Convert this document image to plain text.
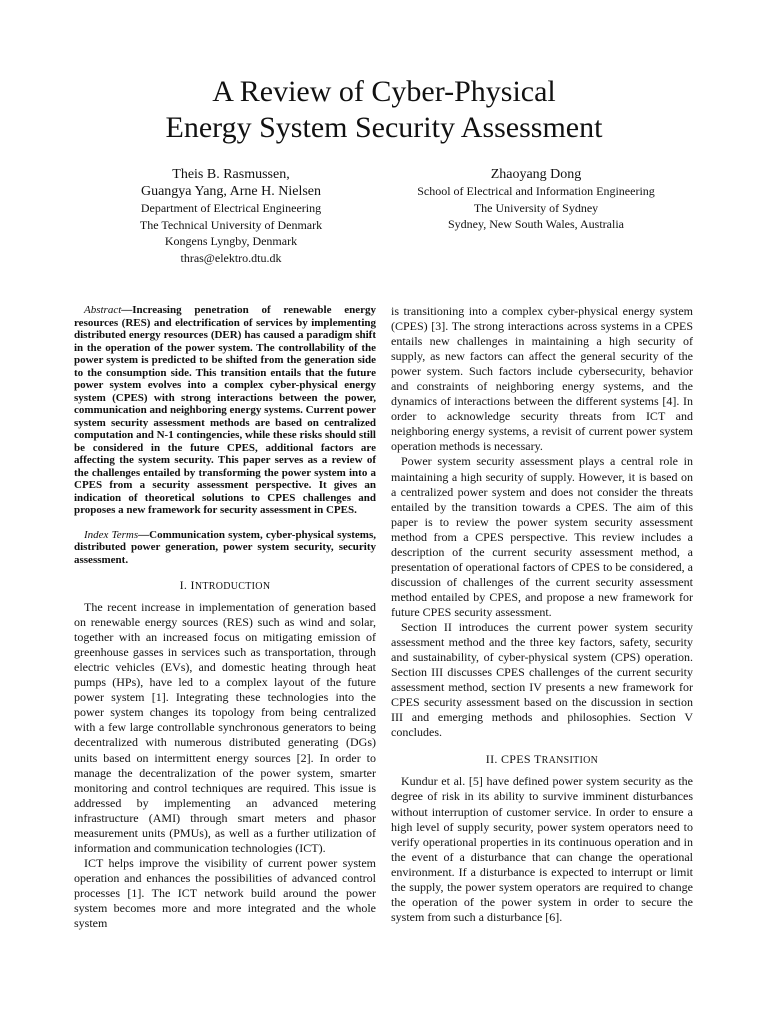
A Review of Cyber-Physical
Energy System Security Assessment
Theis B. Rasmussen,
Guangya Yang, Arne H. Nielsen
Department of Electrical Engineering
The Technical University of Denmark
Kongens Lyngby, Denmark
thras@elektro.dtu.dk
Zhaoyang Dong
School of Electrical and Information Engineering
The University of Sydney
Sydney, New South Wales, Australia

Abstract—Increasing penetration of renewable energy resources (RES) and electrification of services by implementing distributed energy resources (DER) has caused a paradigm shift in the operation of the power system. The controllability of the power system is predicted to be shifted from the generation side to the consumption side. This transition entails that the future power system evolves into a complex cyber-physical energy system (CPES) with strong interactions between the power, communication and neighboring energy systems. Current power system security assessment methods are based on centralized computation and N-1 contingencies, while these risks should still be considered in the future CPES, additional factors are affecting the system security. This paper serves as a review of the challenges entailed by transforming the power system into a CPES from a security assessment perspective. It gives an indication of theoretical solutions to CPES challenges and proposes a new framework for security assessment in CPES.

Index Terms—Communication system, cyber-physical systems, distributed power generation, power system security, security assessment.

I. INTRODUCTION

The recent increase in implementation of generation based on renewable energy sources (RES) such as wind and solar, together with an increased focus on mitigating emission of greenhouse gasses in services such as transportation, through electric vehicles (EVs), and domestic heating through heat pumps (HPs), have led to a complex layout of the future power system [1]. Integrating these technologies into the power system changes its topology from being centralized with a few large controllable synchronous generators to being decentralized with numerous distributed generating (DGs) units based on intermittent energy sources [2]. In order to manage the decentralization of the power system, smarter monitoring and control techniques are required. This issue is addressed by implementing an advanced metering infrastructure (AMI) through smart meters and phasor measurement units (PMUs), as well as a further utilization of information and communication technologies (ICT).

ICT helps improve the visibility of current power system operation and enhances the possibilities of advanced control processes [1]. The ICT network build around the power system becomes more and more integrated and the whole system

is transitioning into a complex cyber-physical energy system (CPES) [3]. The strong interactions across systems in a CPES entails new challenges in maintaining a high security of supply, as new factors can affect the general security of the power system. Such factors include cybersecurity, behavior and constraints of neighboring energy systems, and the dynamics of interactions between the different systems [4]. In order to acknowledge security threats from ICT and neighboring energy systems, a revisit of current power system operation methods is necessary.

Power system security assessment plays a central role in maintaining a high security of supply. However, it is based on a centralized power system and does not consider the threats entailed by the transition towards a CPES. The aim of this paper is to review the power system security assessment method from a CPES perspective. This review includes a description of the current security assessment method, a presentation of operational factors of CPES to be considered, a discussion of challenges of the current security assessment method entailed by CPES, and propose a new framework for future CPES security assessment.

Section II introduces the current power system security assessment method and the three key factors, safety, security and sustainability, of cyber-physical system (CPS) operation. Section III discusses CPES challenges of the current security assessment method, section IV presents a new framework for CPES security assessment based on the discussion in section III and emerging methods and philosophies. Section V concludes.

II. CPES TRANSITION

Kundur et al. [5] have defined power system security as the degree of risk in its ability to survive imminent disturbances without interruption of customer service. In order to ensure a high level of supply security, power system operators need to verify operational properties in its continuous operation and in the event of a disturbance that can change the operational environment. If a disturbance is expected to interrupt or limit the supply, the power system operators are required to change the operation of the power system in order to secure the system from such a disturbance [6].
